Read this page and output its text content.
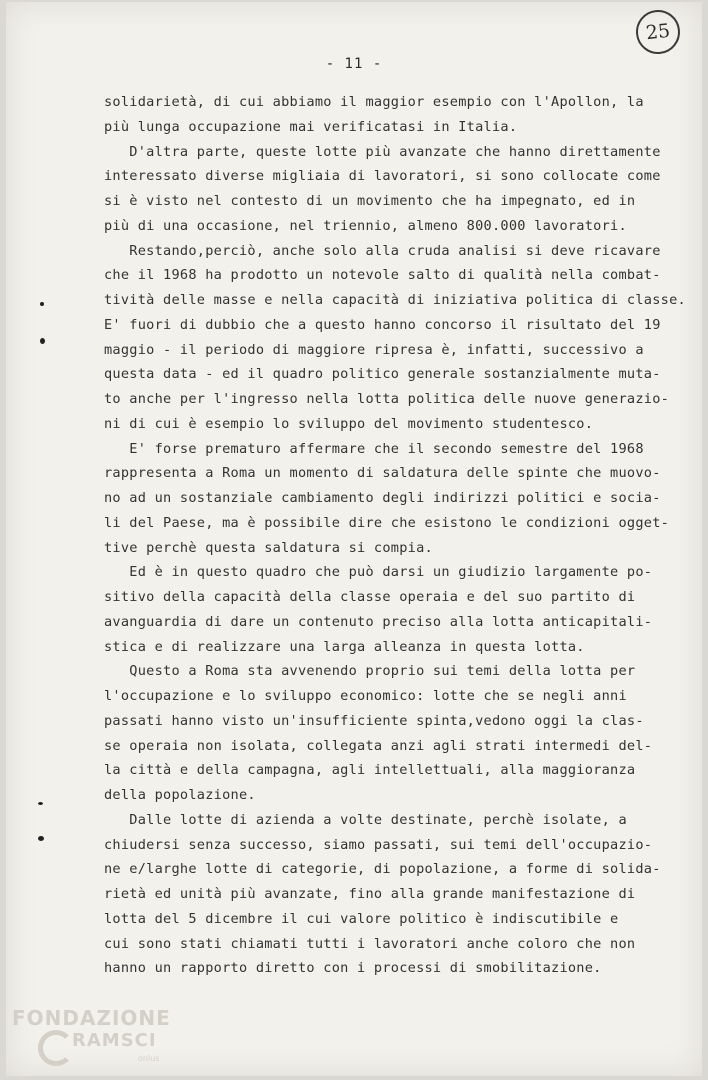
25
- 11 -
solidarietà, di cui abbiamo il maggior esempio con l'Apollon, la
più lunga occupazione mai verificatasi in Italia.
D'altra parte, queste lotte più avanzate che hanno direttamente
interessato diverse migliaia di lavoratori, si sono collocate come
si è visto nel contesto di un movimento che ha impegnato, ed in
più di una occasione, nel triennio, almeno 800.000 lavoratori.
Restando,perciò, anche solo alla cruda analisi si deve ricavare
che il 1968 ha prodotto un notevole salto di qualità nella combat-
tività delle masse e nella capacità di iniziativa politica di classe.
E' fuori di dubbio che a questo hanno concorso il risultato del 19
maggio - il periodo di maggiore ripresa è, infatti, successivo a
questa data - ed il quadro politico generale sostanzialmente muta-
to anche per l'ingresso nella lotta politica delle nuove generazio-
ni di cui è esempio lo sviluppo del movimento studentesco.
E' forse prematuro affermare che il secondo semestre del 1968
rappresenta a Roma un momento di saldatura delle spinte che muovo-
no ad un sostanziale cambiamento degli indirizzi politici e socia-
li del Paese, ma è possibile dire che esistono le condizioni ogget-
tive perchè questa saldatura si compia.
Ed è in questo quadro che può darsi un giudizio largamente po-
sitivo della capacità della classe operaia e del suo partito di
avanguardia di dare un contenuto preciso alla lotta anticapitali-
stica e di realizzare una larga alleanza in questa lotta.
Questo a Roma sta avvenendo proprio sui temi della lotta per
l'occupazione e lo sviluppo economico: lotte che se negli anni
passati hanno visto un'insufficiente spinta,vedono oggi la clas-
se operaia non isolata, collegata anzi agli strati intermedi del-
la città e della campagna, agli intellettuali, alla maggioranza
della popolazione.
Dalle lotte di azienda a volte destinate, perchè isolate, a
chiudersi senza successo, siamo passati, sui temi dell'occupazio-
ne e/larghe lotte di categorie, di popolazione, a forme di solida-
rietà ed unità più avanzate, fino alla grande manifestazione di
lotta del 5 dicembre il cui valore politico è indiscutibile e
cui sono stati chiamati tutti i lavoratori anche coloro che non
hanno un rapporto diretto con i processi di smobilitazione.
FONDAZIONE
RAMSCI
onlus
